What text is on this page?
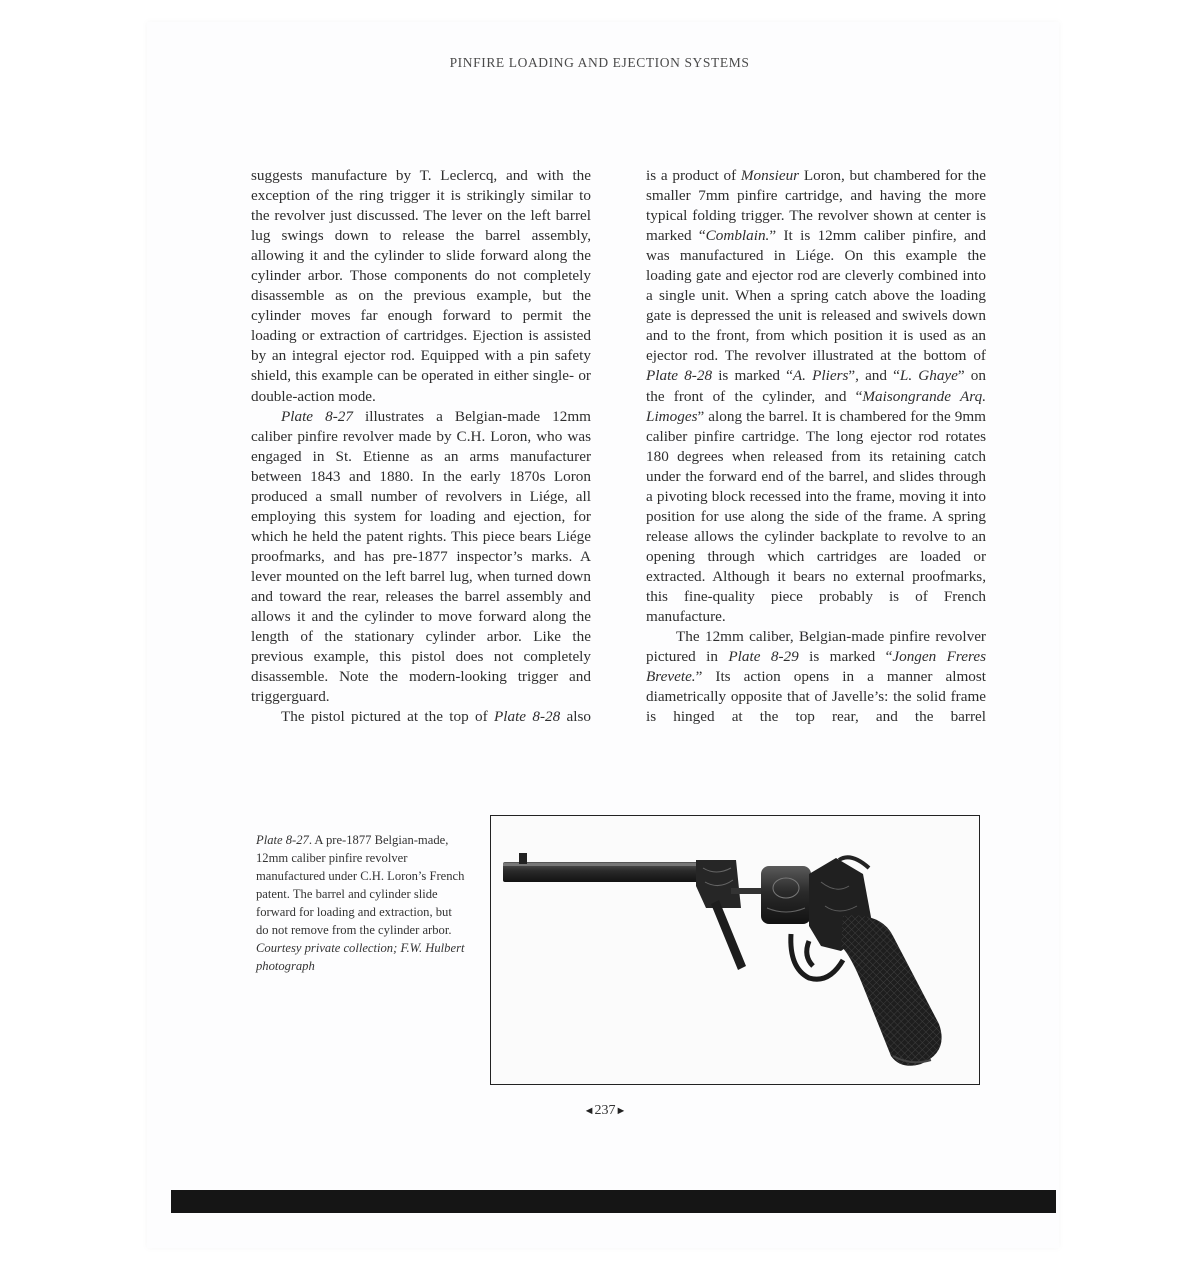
PINFIRE LOADING AND EJECTION SYSTEMS

suggests manufacture by T. Leclercq, and with the exception of the ring trigger it is strikingly similar to the revolver just discussed. The lever on the left barrel lug swings down to release the barrel assembly, allowing it and the cylinder to slide forward along the cylinder arbor. Those components do not completely disassemble as on the previous example, but the cylinder moves far enough forward to permit the loading or extraction of cartridges. Ejection is assisted by an integral ejector rod. Equipped with a pin safety shield, this example can be operated in either single- or double-action mode.

Plate 8-27 illustrates a Belgian-made 12mm caliber pinfire revolver made by C.H. Loron, who was engaged in St. Etienne as an arms manufacturer between 1843 and 1880. In the early 1870s Loron produced a small number of revolvers in Liége, all employing this system for loading and ejection, for which he held the patent rights. This piece bears Liége proofmarks, and has pre-1877 inspector’s marks. A lever mounted on the left barrel lug, when turned down and toward the rear, releases the barrel assembly and allows it and the cylinder to move forward along the length of the stationary cylinder arbor. Like the previous example, this pistol does not completely disassemble. Note the modern-looking trigger and triggerguard.

The pistol pictured at the top of Plate 8-28 also

is a product of Monsieur Loron, but chambered for the smaller 7mm pinfire cartridge, and having the more typical folding trigger. The revolver shown at center is marked “Comblain.” It is 12mm caliber pinfire, and was manufactured in Liége. On this example the loading gate and ejector rod are cleverly combined into a single unit. When a spring catch above the loading gate is depressed the unit is released and swivels down and to the front, from which position it is used as an ejector rod. The revolver illustrated at the bottom of Plate 8-28 is marked “A. Pliers”, and “L. Ghaye” on the front of the cylinder, and “Maisongrande Arq. Limoges” along the barrel. It is chambered for the 9mm caliber pinfire cartridge. The long ejector rod rotates 180 degrees when released from its retaining catch under the forward end of the barrel, and slides through a pivoting block recessed into the frame, moving it into position for use along the side of the frame. A spring release allows the cylinder backplate to revolve to an opening through which cartridges are loaded or extracted. Although it bears no external proofmarks, this fine-quality piece probably is of French manufacture.

The 12mm caliber, Belgian-made pinfire revolver pictured in Plate 8-29 is marked “Jongen Freres Brevete.” Its action opens in a manner almost diametrically opposite that of Javelle’s: the solid frame is hinged at the top rear, and the barrel

Plate 8-27. A pre-1877 Belgian-made, 12mm caliber pinfire revolver manufactured under C.H. Loron’s French patent. The barrel and cylinder slide forward for loading and extraction, but do not remove from the cylinder arbor. Courtesy private collection; F.W. Hulbert photograph
◄237►
